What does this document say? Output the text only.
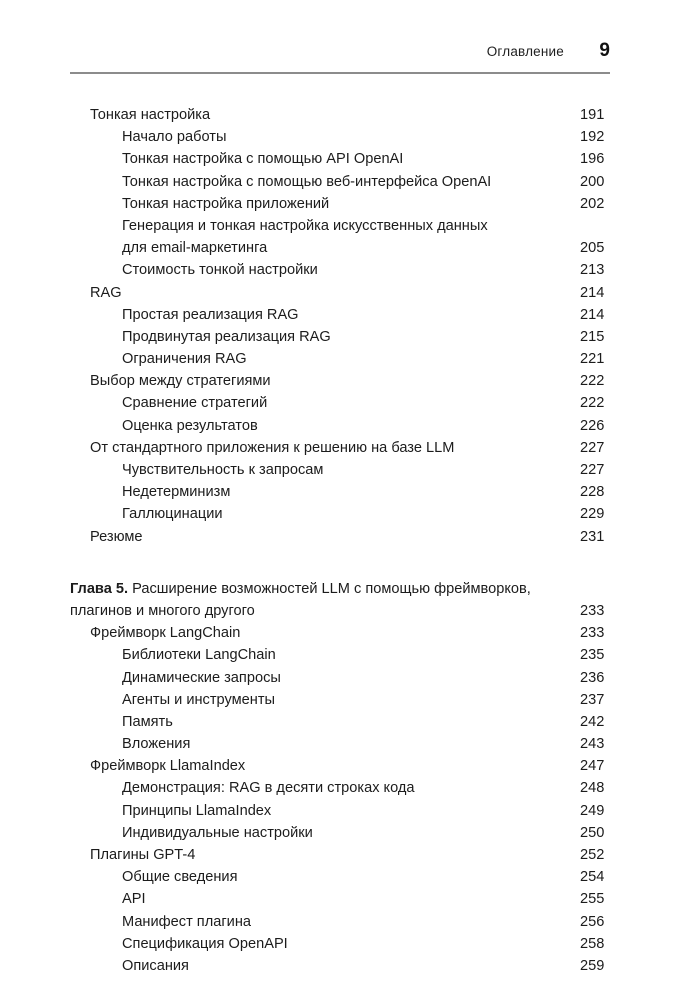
Оглавление 9
Тонкая настройка .....	191
Начало работы .....	192
Тонкая настройка с помощью API OpenAI .....	196
Тонкая настройка с помощью веб-интерфейса OpenAI .....	200
Тонкая настройка приложений .....	202
Генерация и тонкая настройка искусственных данных
для email-маркетинга .....	205
Стоимость тонкой настройки .....	213
RAG .....	214
Простая реализация RAG .....	214
Продвинутая реализация RAG .....	215
Ограничения RAG .....	221
Выбор между стратегиями .....	222
Сравнение стратегий .....	222
Оценка результатов .....	226
От стандартного приложения к решению на базе LLM .....	227
Чувствительность к запросам .....	227
Недетерминизм .....	228
Галлюцинации .....	229
Резюме .....	231
Глава 5. Расширение возможностей LLM с помощью фреймворков,
плагинов и многого другого .....	233
Фреймворк LangChain .....	233
Библиотеки LangChain .....	235
Динамические запросы .....	236
Агенты и инструменты .....	237
Память .....	242
Вложения .....	243
Фреймворк LlamaIndex .....	247
Демонстрация: RAG в десяти строках кода .....	248
Принципы LlamaIndex .....	249
Индивидуальные настройки .....	250
Плагины GPT-4 .....	252
Общие сведения .....	254
API .....	255
Манифест плагина .....	256
Спецификация OpenAPI .....	258
Описания .....	259
